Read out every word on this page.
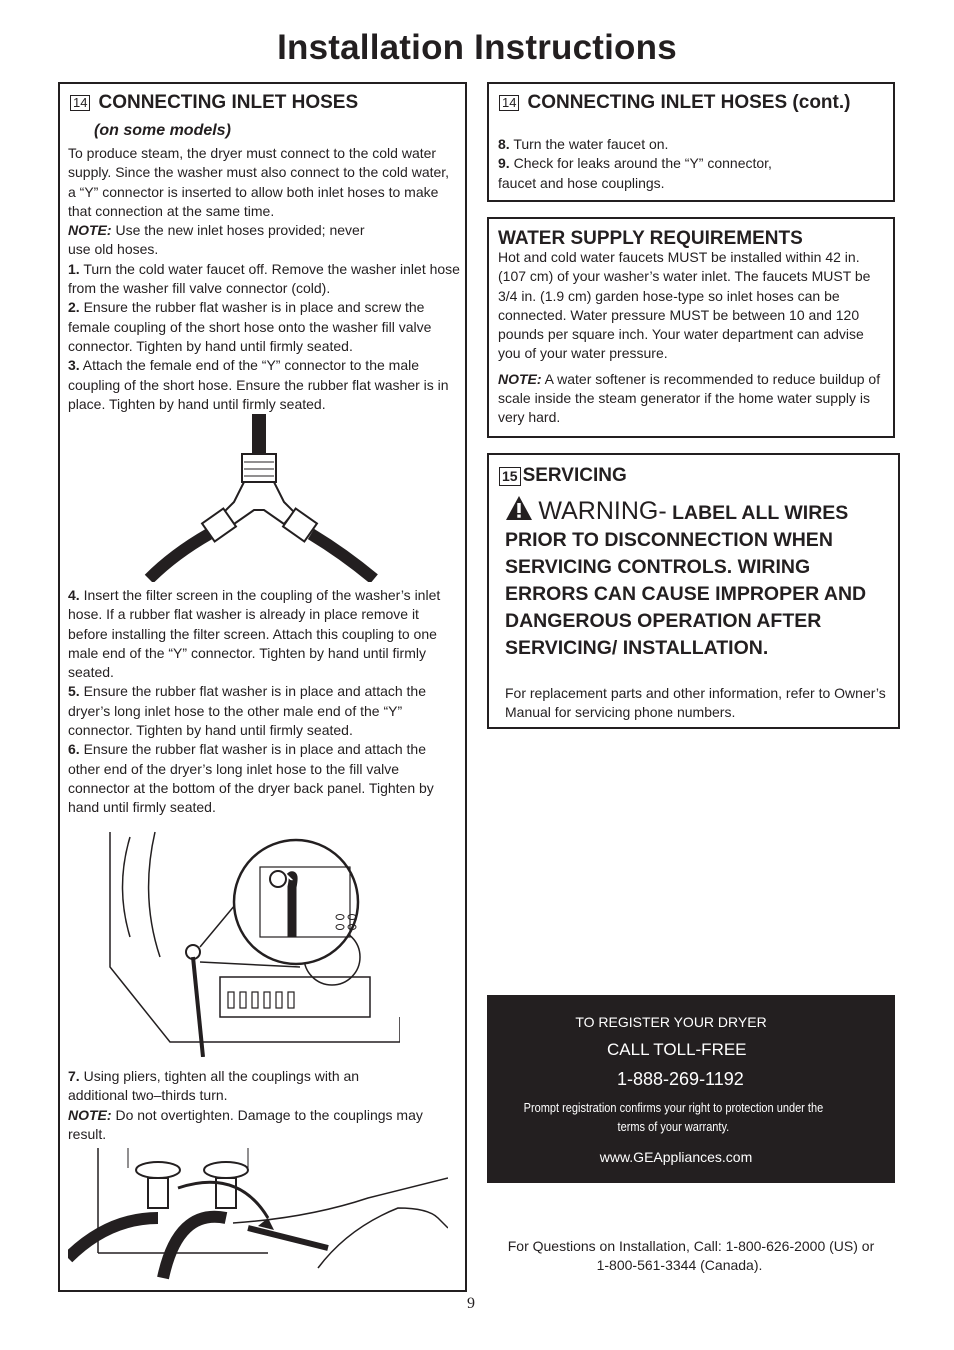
Installation Instructions
14 CONNECTING INLET HOSES
(on some models)

To produce steam, the dryer must connect to the cold water supply. Since the washer must also connect to the cold water, a “Y” connector is inserted to allow both inlet hoses to make that connection at the same time.

NOTE: Use the new inlet hoses provided; never use old hoses.

1. Turn the cold water faucet off. Remove the washer inlet hose from the washer fill valve connector (cold).

2. Ensure the rubber flat washer is in place and screw the female coupling of the short hose onto the washer fill valve connector. Tighten by hand until firmly seated.

3. Attach the female end of the “Y” connector to the male coupling of the short hose. Ensure the rubber flat washer is in place. Tighten by hand until firmly seated.

4. Insert the filter screen in the coupling of the washer’s inlet hose. If a rubber flat washer is already in place remove it before installing the filter screen. Attach this coupling to one male end of the “Y” connector. Tighten by hand until firmly seated.

5. Ensure the rubber flat washer is in place and attach the dryer’s long inlet hose to the other male end of the “Y” connector. Tighten by hand until firmly seated.

6. Ensure the rubber flat washer is in place and attach the other end of the dryer’s long inlet hose to the fill valve connector at the bottom of the dryer back panel. Tighten by hand until firmly seated.

7. Using pliers, tighten all the couplings with an additional two–thirds turn.

NOTE: Do not overtighten. Damage to the couplings may result.

14 CONNECTING INLET HOSES (cont.)

8. Turn the water faucet on.

9. Check for leaks around the “Y” connector, faucet and hose couplings.

WATER SUPPLY REQUIREMENTS

Hot and cold water faucets MUST be installed within 42 in. (107 cm) of your washer’s water inlet. The faucets MUST be 3/4 in. (1.9 cm) garden hose-type so inlet hoses can be connected. Water pressure MUST be between 10 and 120 pounds per square inch. Your water department can advise you of your water pressure.

NOTE: A water softener is recommended to reduce buildup of scale inside the steam generator if the home water supply is very hard.

15 SERVICING
WARNING- LABEL ALL WIRES PRIOR TO DISCONNECTION WHEN SERVICING CONTROLS. WIRING ERRORS CAN CAUSE IMPROPER AND DANGEROUS OPERATION AFTER SERVICING/ INSTALLATION.

For replacement parts and other information, refer to Owner’s Manual for servicing phone numbers.

TO REGISTER YOUR DRYER
CALL TOLL-FREE
1-888-269-1192
Prompt registration confirms your right to protection under the
terms of your warranty.
www.GEAppliances.com
For Questions on Installation, Call: 1-800-626-2000 (US) or
1-800-561-3344 (Canada).
9
